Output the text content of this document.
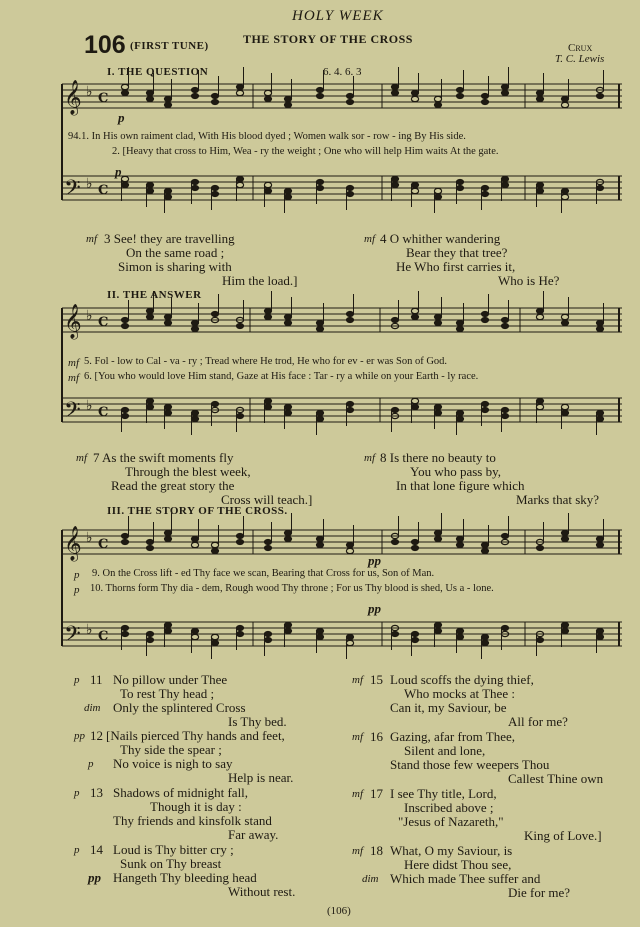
HOLY WEEK
106 (FIRST TUNE)	THE STORY OF THE CROSS
Crux
T. C. Lewis
I. THE QUESTION	6. 4. 6. 3
𝄞
𝄢
♭
♭
C
C
𝄞
𝄢
♭
♭
C
C
𝄞
𝄢
♭
♭
C
C
p
94.1. In His own raiment clad, With His blood dyed ; Women walk sor - row - ing By His side.
2. [Heavy that cross to Him, Wea - ry the weight ; One who will help Him waits At the gate.
p
mf 3 See! they are travelling
On the same road ;
Simon is sharing with
Him the load.]
mf 4 O whither wandering
Bear they that tree?
He Who first carries it,
Who is He?
II. THE ANSWER
mf 5. Fol - low to Cal - va - ry ; Tread where He trod, He who for ev - er was Son of God.
mf 6. [You who would love Him stand, Gaze at His face : Tar - ry a while on your Earth - ly race.
mf 7 As the swift moments fly
Through the blest week,
Read the great story the
Cross will teach.]
mf 8 Is there no beauty to
You who pass by,
In that lone figure which
Marks that sky?
III. THE STORY OF THE CROSS.
pp
p 9. On the Cross lift - ed Thy face we scan, Bearing that Cross for us, Son of Man.
p 10. Thorns form Thy dia - dem, Rough wood Thy throne ; For us Thy blood is shed, Us a - lone.
pp
p 11 No pillow under Thee
To rest Thy head ;
dim Only the splintered Cross
Is Thy bed.
pp 12 [Nails pierced Thy hands and feet,
Thy side the spear ;
p No voice is nigh to say
Help is near.
p 13 Shadows of midnight fall,
Though it is day :
Thy friends and kinsfolk stand
Far away.
p 14 Loud is Thy bitter cry ;
Sunk on Thy breast
pp Hangeth Thy bleeding head
Without rest.
mf 15 Loud scoffs the dying thief,
Who mocks at Thee :
Can it, my Saviour, be
All for me?
mf 16 Gazing, afar from Thee,
Silent and lone,
Stand those few weepers Thou
Callest Thine own
mf 17 I see Thy title, Lord,
Inscribed above ;
"Jesus of Nazareth,"
King of Love.]
mf 18 What, O my Saviour, is
Here didst Thou see,
dim Which made Thee suffer and
Die for me?
(106)
